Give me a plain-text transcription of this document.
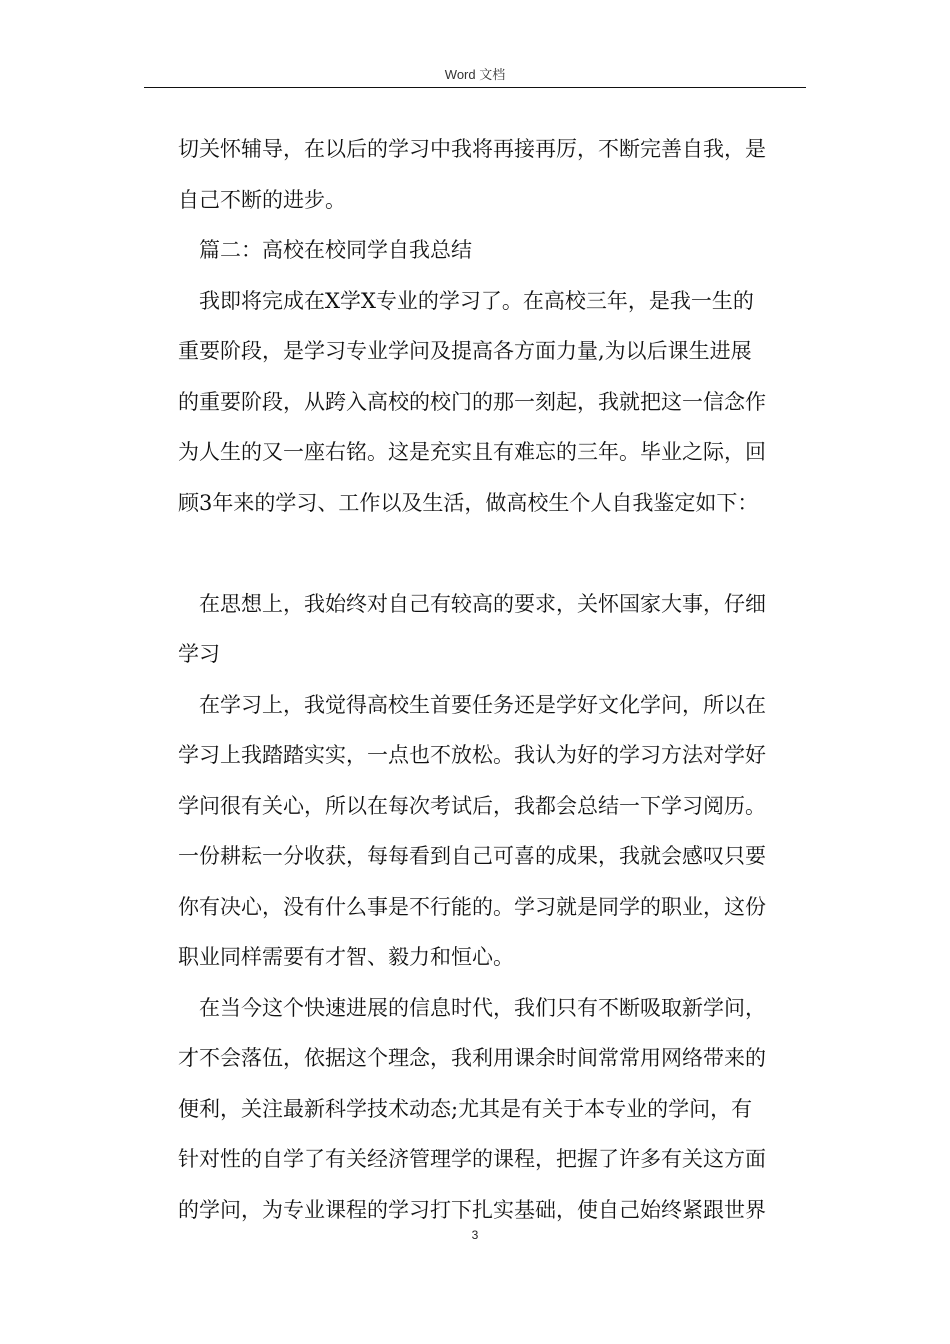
Word 文档
切关怀辅导，在以后的学习中我将再接再厉，不断完善自我，是
自己不断的进步。
篇二：高校在校同学自我总结
我即将完成在X学X专业的学习了。在高校三年，是我一生的
重要阶段，是学习专业学问及提高各方面力量,为以后课生进展
的重要阶段，从跨入高校的校门的那一刻起，我就把这一信念作
为人生的又一座右铭。这是充实且有难忘的三年。毕业之际，回
顾3年来的学习、工作以及生活，做高校生个人自我鉴定如下：
在思想上，我始终对自己有较高的要求，关怀国家大事，仔细
学习
在学习上，我觉得高校生首要任务还是学好文化学问，所以在
学习上我踏踏实实，一点也不放松。我认为好的学习方法对学好
学问很有关心，所以在每次考试后，我都会总结一下学习阅历。
一份耕耘一分收获，每每看到自己可喜的成果，我就会感叹只要
你有决心，没有什么事是不行能的。学习就是同学的职业，这份
职业同样需要有才智、毅力和恒心。
在当今这个快速进展的信息时代，我们只有不断吸取新学问，
才不会落伍，依据这个理念，我利用课余时间常常用网络带来的
便利，关注最新科学技术动态;尤其是有关于本专业的学问，有
针对性的自学了有关经济管理学的课程，把握了许多有关这方面
的学问，为专业课程的学习打下扎实基础，使自己始终紧跟世界
3
